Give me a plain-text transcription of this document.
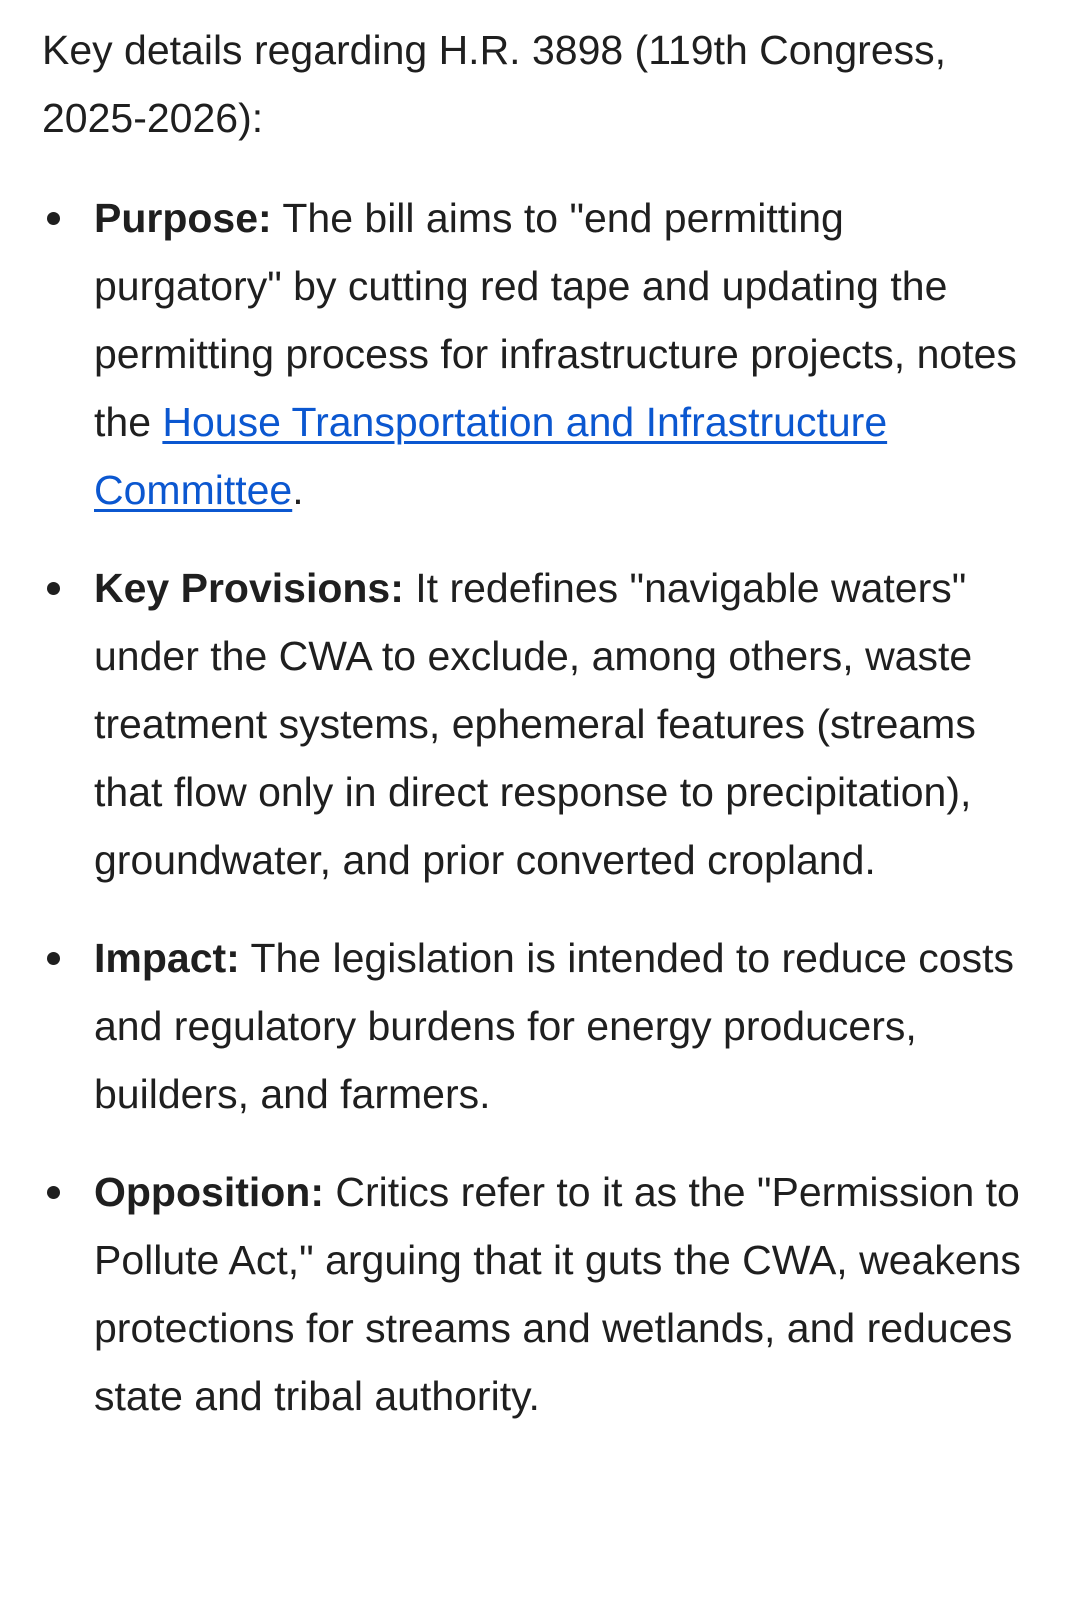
Key details regarding H.R. 3898 (119th Congress, 2025-2026):

Purpose: The bill aims to "end permitting purgatory" by cutting red tape and updating the permitting process for infrastructure projects, notes the House Transportation and Infrastructure Committee.
Key Provisions: It redefines "navigable waters" under the CWA to exclude, among others, waste treatment systems, ephemeral features (streams that flow only in direct response to precipitation), groundwater, and prior converted cropland.
Impact: The legislation is intended to reduce costs and regulatory burdens for energy producers, builders, and farmers.
Opposition: Critics refer to it as the "Permission to Pollute Act," arguing that it guts the CWA, weakens protections for streams and wetlands, and reduces state and tribal authority.
